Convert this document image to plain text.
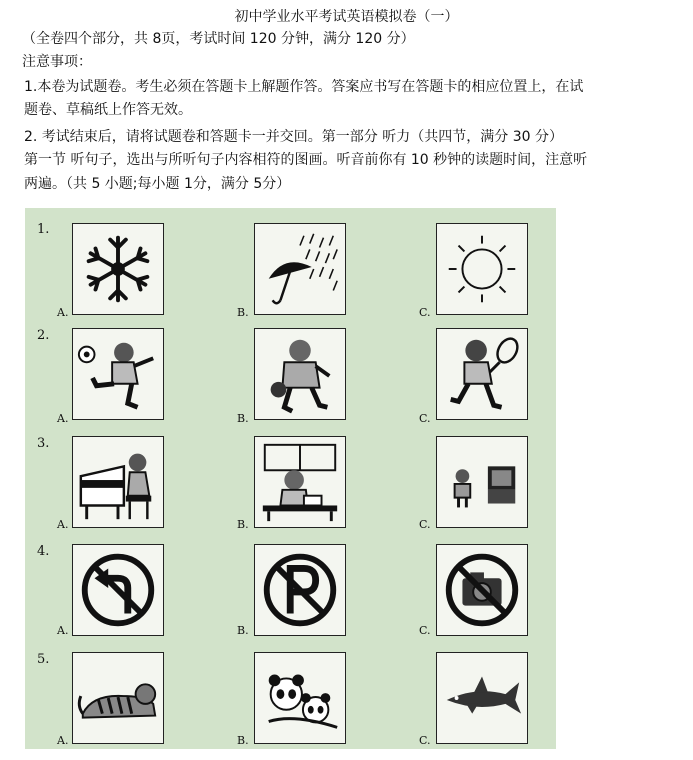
初中学业水平考试英语模拟卷（一）
（全卷四个部分，共 8页，考试时间 120 分钟，满分 120 分）
注意事项：
1.本卷为试题卷。考生必须在答题卡上解题作答。答案应书写在答题卡的相应位置上，在试
题卷、草稿纸上作答无效。
2. 考试结束后，请将试题卷和答题卡一并交回。第一部分 听力（共四节，满分 30 分）
第一节 听句子，选出与所听句子内容相符的图画。听音前你有 10 秒钟的读题时间，注意听
两遍。（共 5 小题;每小题 1分，满分 5分）
1.
A.	B.	C.
2.
A.	B.	C.
3.
A.	B.	C.
4.
A.	B.	C.
5.
A.	B.	C.
